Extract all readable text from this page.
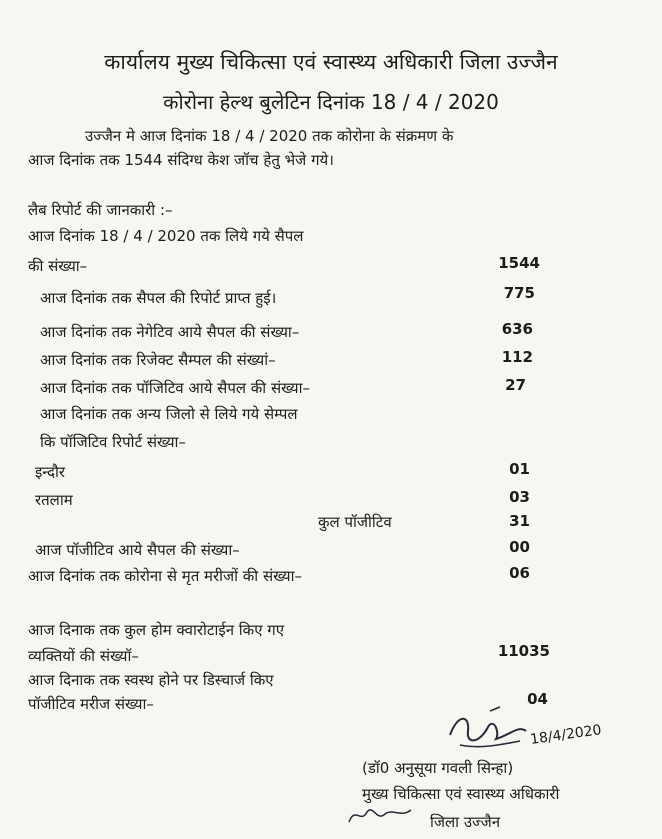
कार्यालय मुख्य चिकित्सा एवं स्वास्थ्य अधिकारी जिला उज्जैन
कोरोना हेल्थ बुलेटिन दिनांक 18 / 4 / 2020
उज्जैन मे आज दिनांक 18 / 4 / 2020 तक कोरोना के संक्रमण के
आज दिनांक तक 1544 संदिग्ध केश जॉच हेतु भेजे गये।
लैब रिपोर्ट की जानकारी :–
आज दिनांक 18 / 4 / 2020 तक लिये गये सैपल
की संख्या–	1544
आज दिनांक तक सैपल की रिपोर्ट प्राप्त हुई।	775
आज दिनांक तक नेगेटिव आये सैपल की संख्या–	636
आज दिनांक तक रिजेक्ट सैम्पल की संख्यां–	112
आज दिनांक तक पॉजिटिव आये सैपल की संख्या–	27
आज दिनांक तक अन्य जिलो से लिये गये सेम्पल
कि पॉजिटिव रिपोर्ट संख्या–
इन्दौर	01
रतलाम	03
कुल पॉजीटिव	31
आज पॉजीटिव आये सैपल की संख्या–	00
आज दिनांक तक कोरोना से मृत मरीजों की संख्या–	06
आज दिनाक तक कुल होम क्वारोटाईन किए गए
व्यक्तियों की संख्यॉ–	11035
आज दिनाक तक स्वस्थ होने पर डिस्चार्ज किए
पॉजीटिव मरीज संख्या–	04
18/4/2020
(डॉ0 अनुसूया गवली सिन्हा)
मुख्य चिकित्सा एवं स्वास्थ्य अधिकारी
जिला उज्जैन
